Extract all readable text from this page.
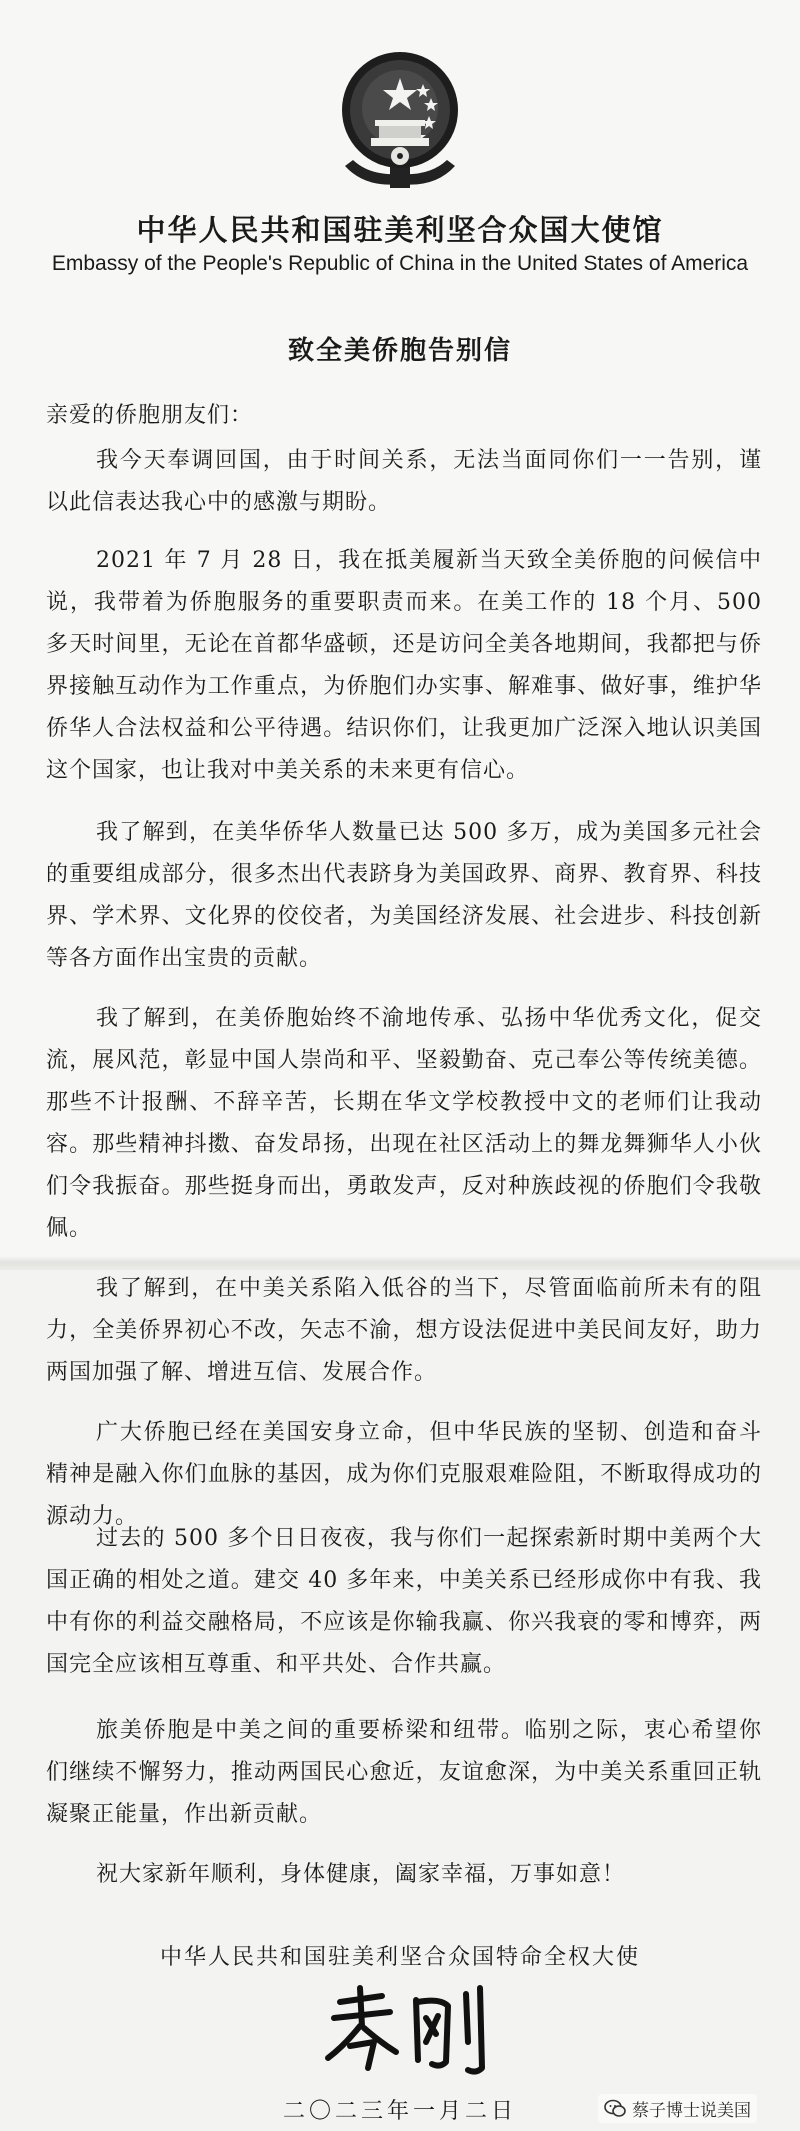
中华人民共和国驻美利坚合众国大使馆
Embassy of the People's Republic of China in the United States of America
致全美侨胞告别信
亲爱的侨胞朋友们：

我今天奉调回国，由于时间关系，无法当面同你们一一告别，谨以此信表达我心中的感激与期盼。

2021 年 7 月 28 日，我在抵美履新当天致全美侨胞的问候信中说，我带着为侨胞服务的重要职责而来。在美工作的 18 个月、500 多天时间里，无论在首都华盛顿，还是访问全美各地期间，我都把与侨界接触互动作为工作重点，为侨胞们办实事、解难事、做好事，维护华侨华人合法权益和公平待遇。结识你们，让我更加广泛深入地认识美国这个国家，也让我对中美关系的未来更有信心。

我了解到，在美华侨华人数量已达 500 多万，成为美国多元社会的重要组成部分，很多杰出代表跻身为美国政界、商界、教育界、科技界、学术界、文化界的佼佼者，为美国经济发展、社会进步、科技创新等各方面作出宝贵的贡献。

我了解到，在美侨胞始终不渝地传承、弘扬中华优秀文化，促交流，展风范，彰显中国人崇尚和平、坚毅勤奋、克己奉公等传统美德。那些不计报酬、不辞辛苦，长期在华文学校教授中文的老师们让我动容。那些精神抖擞、奋发昂扬，出现在社区活动上的舞龙舞狮华人小伙们令我振奋。那些挺身而出，勇敢发声，反对种族歧视的侨胞们令我敬佩。

我了解到，在中美关系陷入低谷的当下，尽管面临前所未有的阻力，全美侨界初心不改，矢志不渝，想方设法促进中美民间友好，助力两国加强了解、增进互信、发展合作。

广大侨胞已经在美国安身立命，但中华民族的坚韧、创造和奋斗精神是融入你们血脉的基因，成为你们克服艰难险阻，不断取得成功的源动力。

过去的 500 多个日日夜夜，我与你们一起探索新时期中美两个大国正确的相处之道。建交 40 多年来，中美关系已经形成你中有我、我中有你的利益交融格局，不应该是你输我赢、你兴我衰的零和博弈，两国完全应该相互尊重、和平共处、合作共赢。

旅美侨胞是中美之间的重要桥梁和纽带。临别之际，衷心希望你们继续不懈努力，推动两国民心愈近，友谊愈深，为中美关系重回正轨凝聚正能量，作出新贡献。

祝大家新年顺利，身体健康，阖家幸福，万事如意！

中华人民共和国驻美利坚合众国特命全权大使
二〇二三年一月二日	蔡子博士说美国
